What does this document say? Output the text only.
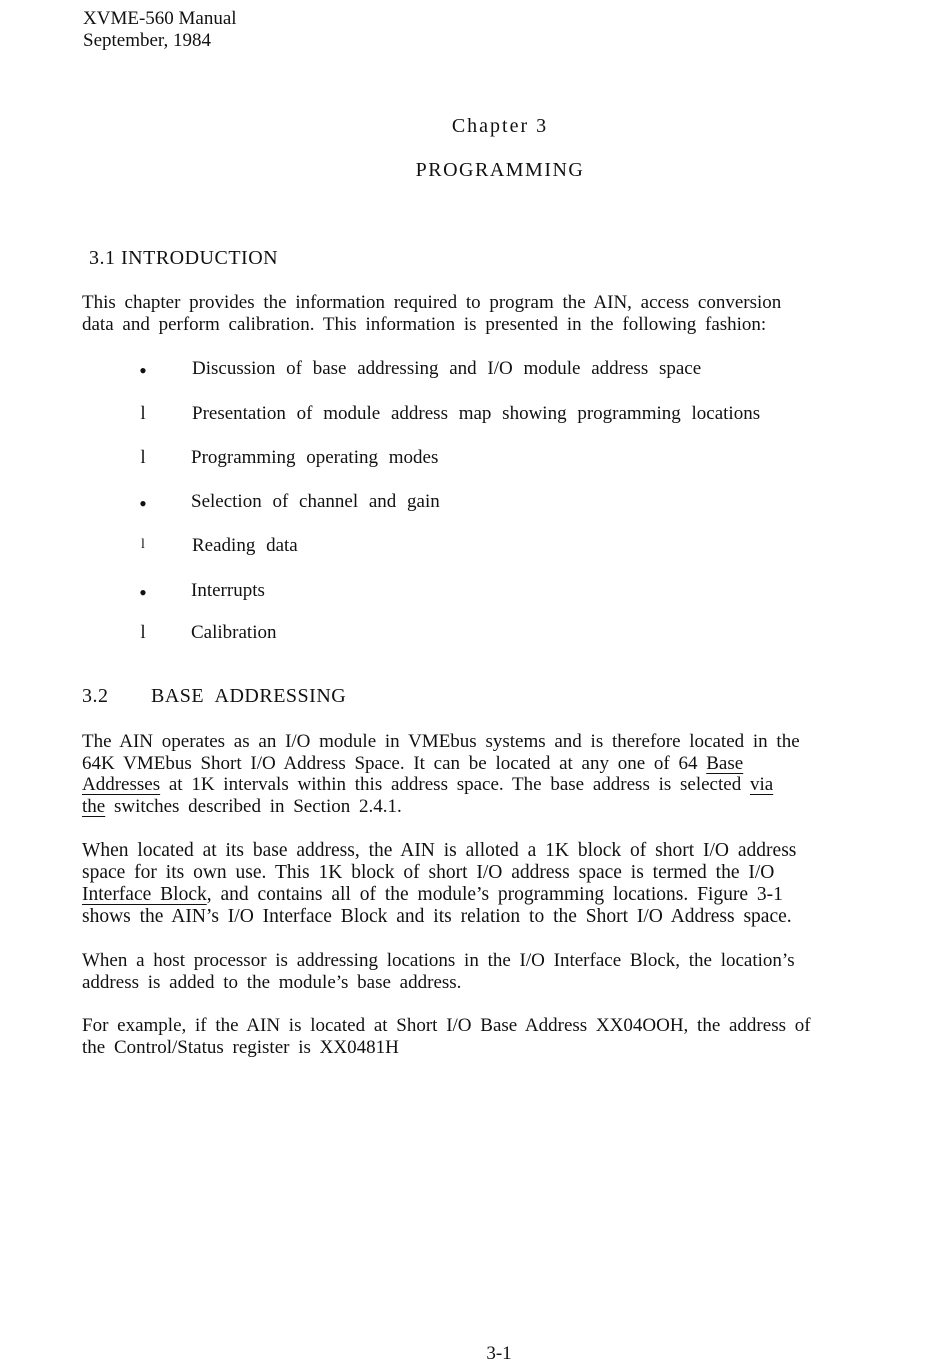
XVME-560 Manual
September, 1984
Chapter 3
PROGRAMMING
3.1 INTRODUCTION
This chapter provides the information required to program the AIN, access conversion
data and perform calibration. This information is presented in the following fashion:
•
Discussion of base addressing and I/O module address space
l	Presentation of module address map showing programming locations
l	Programming operating modes
•
Selection of channel and gain
l	Reading data
•
Interrupts
l	Calibration
3.2 BASE ADDRESSING
The AIN operates as an I/O module in VMEbus systems and is therefore located in the
64K VMEbus Short I/O Address Space. It can be located at any one of 64 Base
Addresses at 1K intervals within this address space. The base address is selected via
the switches described in Section 2.4.1.
When located at its base address, the AIN is alloted a 1K block of short I/O address
space for its own use. This 1K block of short I/O address space is termed the I/O
Interface Block, and contains all of the module’s programming locations. Figure 3-1
shows the AIN’s I/O Interface Block and its relation to the Short I/O Address space.
When a host processor is addressing locations in the I/O Interface Block, the location’s
address is added to the module’s base address.
For example, if the AIN is located at Short I/O Base Address XX04OOH, the address of
the Control/Status register is XX0481H
3-1
